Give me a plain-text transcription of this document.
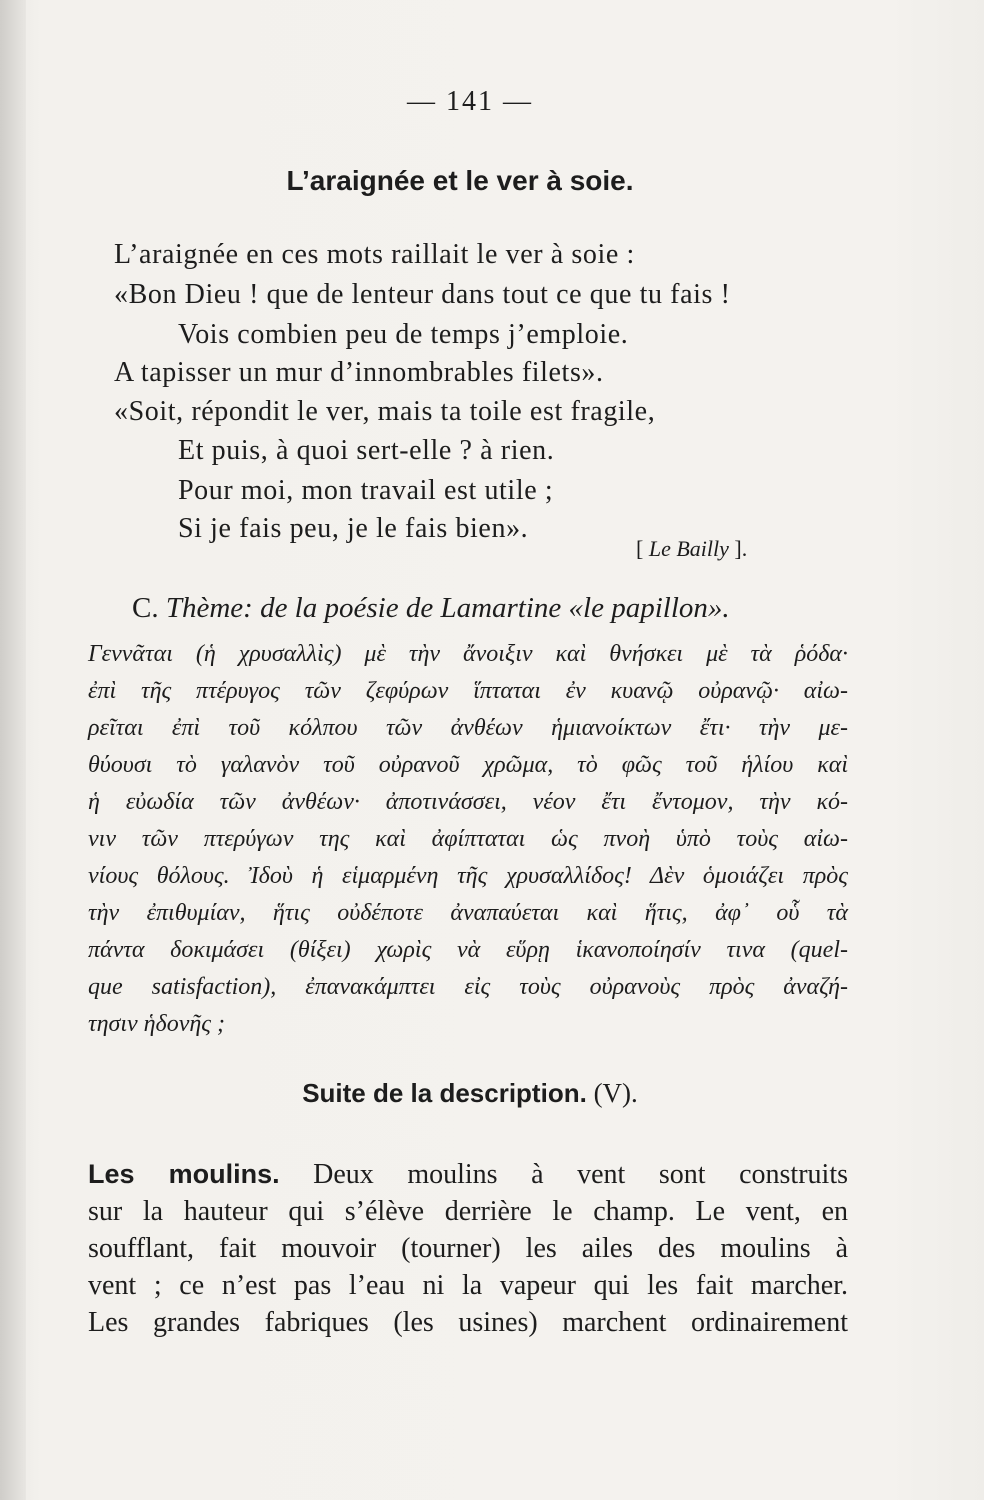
— 141 —
L’araignée et le ver à soie.
L’araignée en ces mots raillait le ver à soie :
«Bon Dieu ! que de lenteur dans tout ce que tu fais !
Vois combien peu de temps j’emploie.
A tapisser un mur d’innombrables filets».
«Soit, répondit le ver, mais ta toile est fragile,
Et puis, à quoi sert-elle ? à rien.
Pour moi, mon travail est utile ;
Si je fais peu, je le fais bien».
[ Le Bailly ].
C. Thème: de la poésie de Lamartine «le papillon».
Γεννᾶται (ἡ χρυσαλλὶς) μὲ τὴν ἄνοιξιν καὶ θνήσκει μὲ τὰ ῥόδα·
ἐπὶ τῆς πτέρυγος τῶν ζεφύρων ἵπταται ἐν κυανῷ οὐρανῷ· αἰω-
ρεῖται ἐπὶ τοῦ κόλπου τῶν ἀνθέων ἡμιανοίκτων ἔτι· τὴν με-
θύουσι τὸ γαλανὸν τοῦ οὐρανοῦ χρῶμα, τὸ φῶς τοῦ ἡλίου καὶ
ἡ εὐωδία τῶν ἀνθέων· ἀποτινάσσει, νέον ἔτι ἔντομον, τὴν κό-
νιν τῶν πτερύγων της καὶ ἀφίπταται ὡς πνοὴ ὑπὸ τοὺς αἰω-
νίους θόλους. Ἰδοὺ ἡ εἱμαρμένη τῆς χρυσαλλίδος! Δὲν ὁμοιάζει πρὸς
τὴν ἐπιθυμίαν, ἥτις οὐδέποτε ἀναπαύεται καὶ ἥτις, ἀφ᾽ οὗ τὰ
πάντα δοκιμάσει (θίξει) χωρὶς νὰ εὕρῃ ἱκανοποίησίν τινα (quel-
que satisfaction), ἐπανακάμπτει εἰς τοὺς οὐρανοὺς πρὸς ἀναζή-
τησιν ἡδονῆς ;
Suite de la description. (V).
Les moulins. Deux moulins à vent sont construits
sur la hauteur qui s’élève derrière le champ. Le vent, en
soufflant, fait mouvoir (tourner) les ailes des moulins à
vent ; ce n’est pas l’eau ni la vapeur qui les fait marcher.
Les grandes fabriques (les usines) marchent ordinairement
